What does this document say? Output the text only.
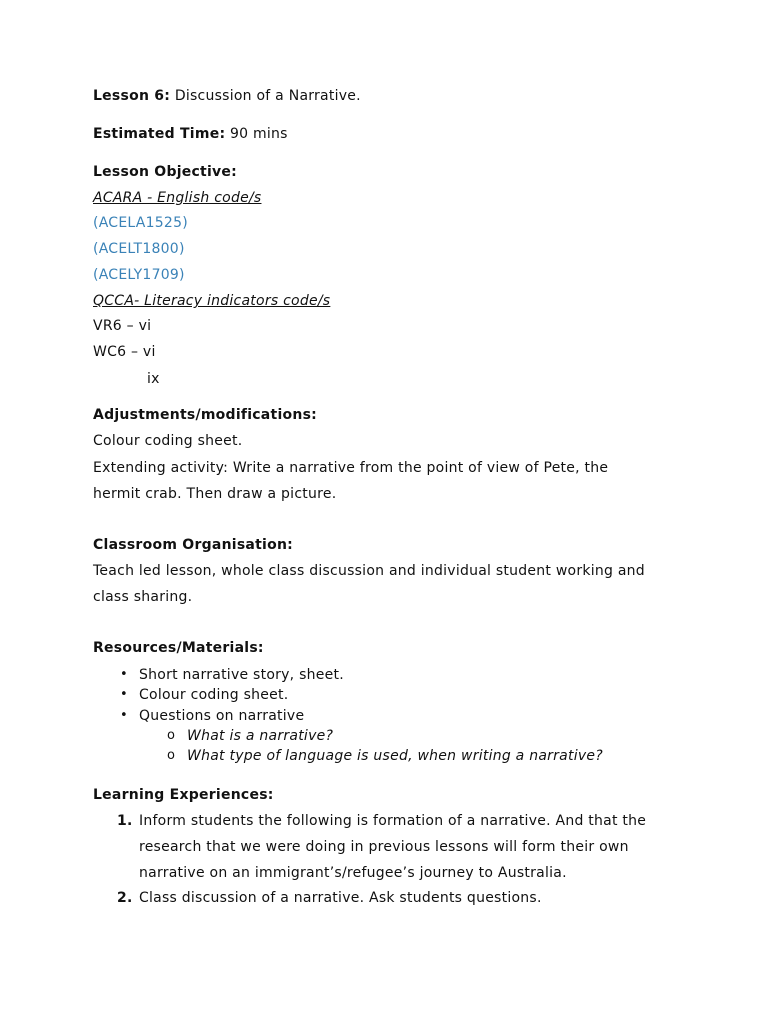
Lesson 6: Discussion of a Narrative.
Estimated Time: 90 mins
Lesson Objective:
ACARA - English code/s
(ACELA1525)
(ACELT1800)
(ACELY1709)
QCCA- Literacy indicators code/s
VR6 – vi
WC6 – vi
ix
Adjustments/modifications:
Colour coding sheet.
Extending activity: Write a narrative from the point of view of Pete, the
hermit crab. Then draw a picture.
Classroom Organisation:
Teach led lesson, whole class discussion and individual student working and
class sharing.
Resources/Materials:
• Short narrative story, sheet.
• Colour coding sheet.
• Questions on narrative
o What is a narrative?
o What type of language is used, when writing a narrative?
Learning Experiences:
1. Inform students the following is formation of a narrative. And that the
research that we were doing in previous lessons will form their own
narrative on an immigrant’s/refugee’s journey to Australia.
2. Class discussion of a narrative. Ask students questions.
